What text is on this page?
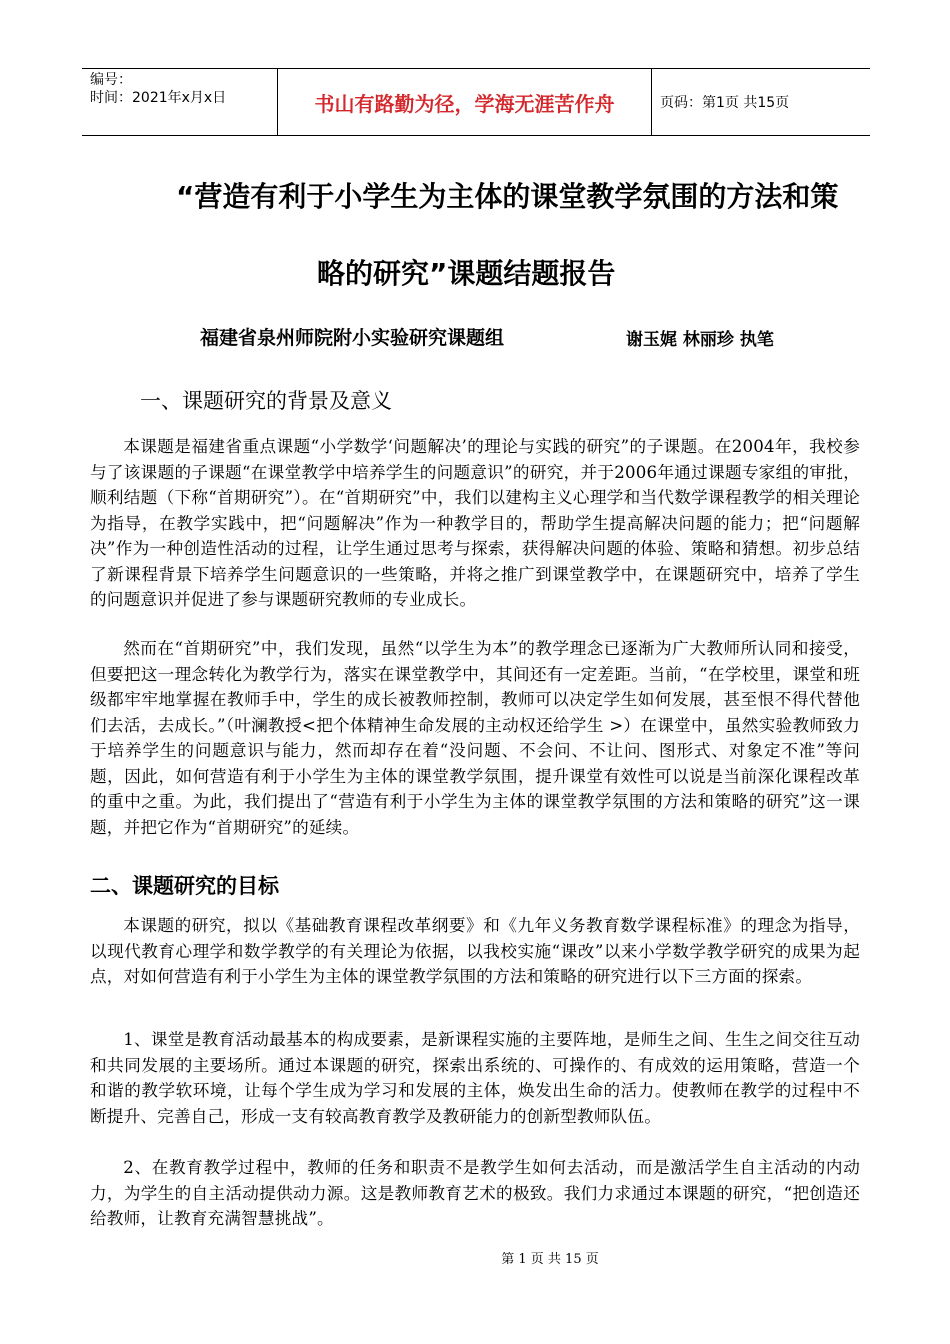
编号：
时间：2021年x月x日	书山有路勤为径，学海无涯苦作舟	页码：第1页 共15页
“营造有利于小学生为主体的课堂教学氛围的方法和策
略的研究”课题结题报告
福建省泉州师院附小实验研究课题组	谢玉娓 林丽珍 执笔
一、课题研究的背景及意义
本课题是福建省重点课题“小学数学‘问题解决’的理论与实践的研究”的子课题。在2004年，我校参与了该课题的子课题“在课堂教学中培养学生的问题意识”的研究，并于2006年通过课题专家组的审批，顺利结题（下称“首期研究”）。在“首期研究”中，我们以建构主义心理学和当代数学课程教学的相关理论为指导，在教学实践中，把“问题解决”作为一种教学目的，帮助学生提高解决问题的能力；把“问题解决”作为一种创造性活动的过程，让学生通过思考与探索，获得解决问题的体验、策略和猜想。初步总结了新课程背景下培养学生问题意识的一些策略，并将之推广到课堂教学中，在课题研究中，培养了学生的问题意识并促进了参与课题研究教师的专业成长。
然而在“首期研究”中，我们发现，虽然“以学生为本”的教学理念已逐渐为广大教师所认同和接受，但要把这一理念转化为教学行为，落实在课堂教学中，其间还有一定差距。当前，“在学校里，课堂和班级都牢牢地掌握在教师手中，学生的成长被教师控制，教师可以决定学生如何发展，甚至恨不得代替他们去活，去成长。”（叶澜教授<把个体精神生命发展的主动权还给学生 >）在课堂中，虽然实验教师致力于培养学生的问题意识与能力，然而却存在着“没问题、不会问、不让问、图形式、对象定不准”等问题，因此，如何营造有利于小学生为主体的课堂教学氛围，提升课堂有效性可以说是当前深化课程改革的重中之重。为此，我们提出了“营造有利于小学生为主体的课堂教学氛围的方法和策略的研究”这一课题，并把它作为“首期研究”的延续。
二、课题研究的目标
本课题的研究，拟以《基础教育课程改革纲要》和《九年义务教育数学课程标准》的理念为指导，以现代教育心理学和数学教学的有关理论为依据，以我校实施“课改”以来小学数学教学研究的成果为起点，对如何营造有利于小学生为主体的课堂教学氛围的方法和策略的研究进行以下三方面的探索。
1、课堂是教育活动最基本的构成要素，是新课程实施的主要阵地，是师生之间、生生之间交往互动和共同发展的主要场所。通过本课题的研究，探索出系统的、可操作的、有成效的运用策略，营造一个和谐的教学软环境，让每个学生成为学习和发展的主体，焕发出生命的活力。使教师在教学的过程中不断提升、完善自己，形成一支有较高教育教学及教研能力的创新型教师队伍。
2、在教育教学过程中，教师的任务和职责不是教学生如何去活动，而是激活学生自主活动的内动力，为学生的自主活动提供动力源。这是教师教育艺术的极致。我们力求通过本课题的研究，“把创造还给教师，让教育充满智慧挑战”。
第 1 页 共 15 页
